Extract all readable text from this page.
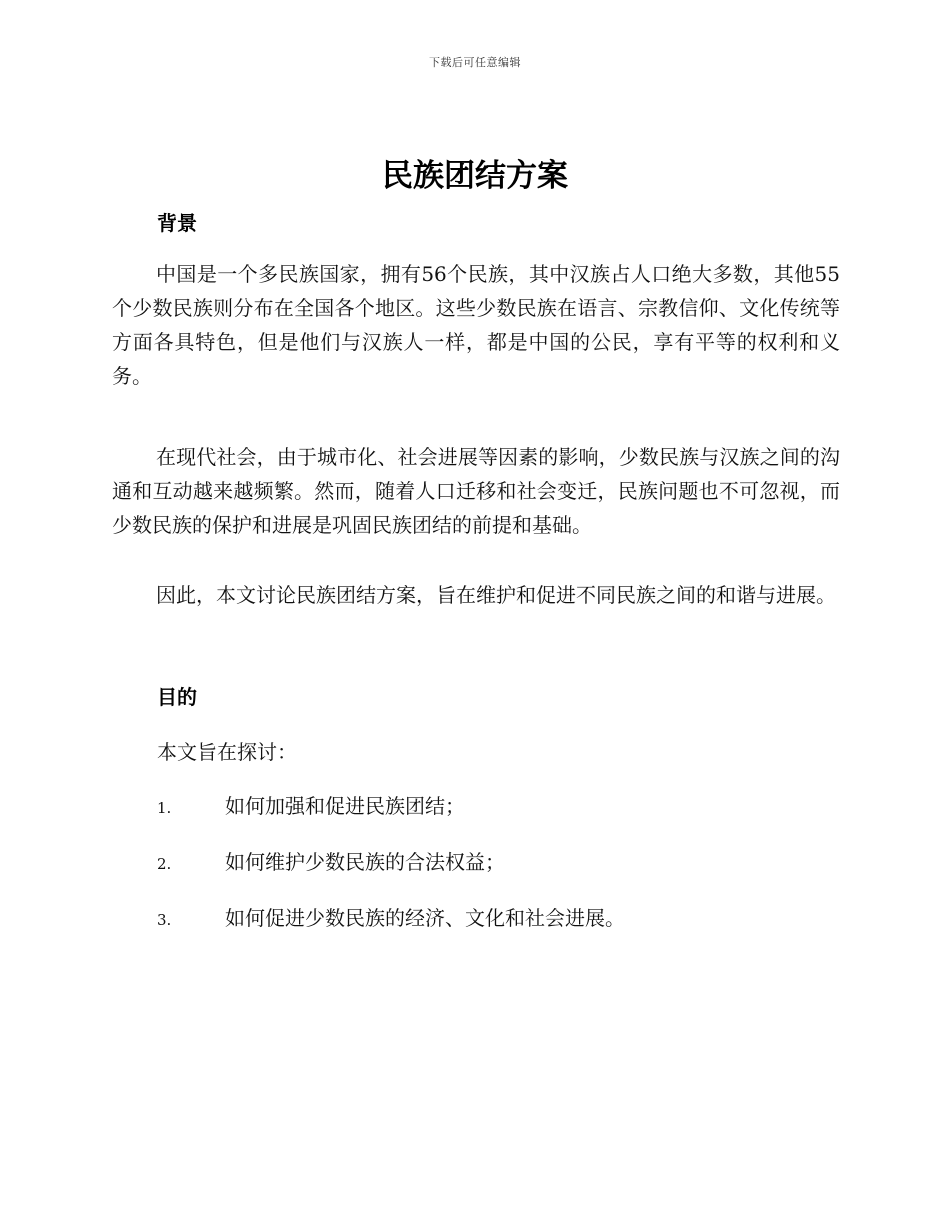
下载后可任意编辑
民族团结方案
背景

中国是一个多民族国家，拥有56个民族，其中汉族占人口绝大多数，其他55个少数民族则分布在全国各个地区。这些少数民族在语言、宗教信仰、文化传统等方面各具特色，但是他们与汉族人一样，都是中国的公民，享有平等的权利和义务。

在现代社会，由于城市化、社会进展等因素的影响，少数民族与汉族之间的沟通和互动越来越频繁。然而，随着人口迁移和社会变迁，民族问题也不可忽视，而少数民族的保护和进展是巩固民族团结的前提和基础。

因此，本文讨论民族团结方案，旨在维护和促进不同民族之间的和谐与进展。

目的

本文旨在探讨：

1.	如何加强和促进民族团结；
2.	如何维护少数民族的合法权益；
3.	如何促进少数民族的经济、文化和社会进展。
